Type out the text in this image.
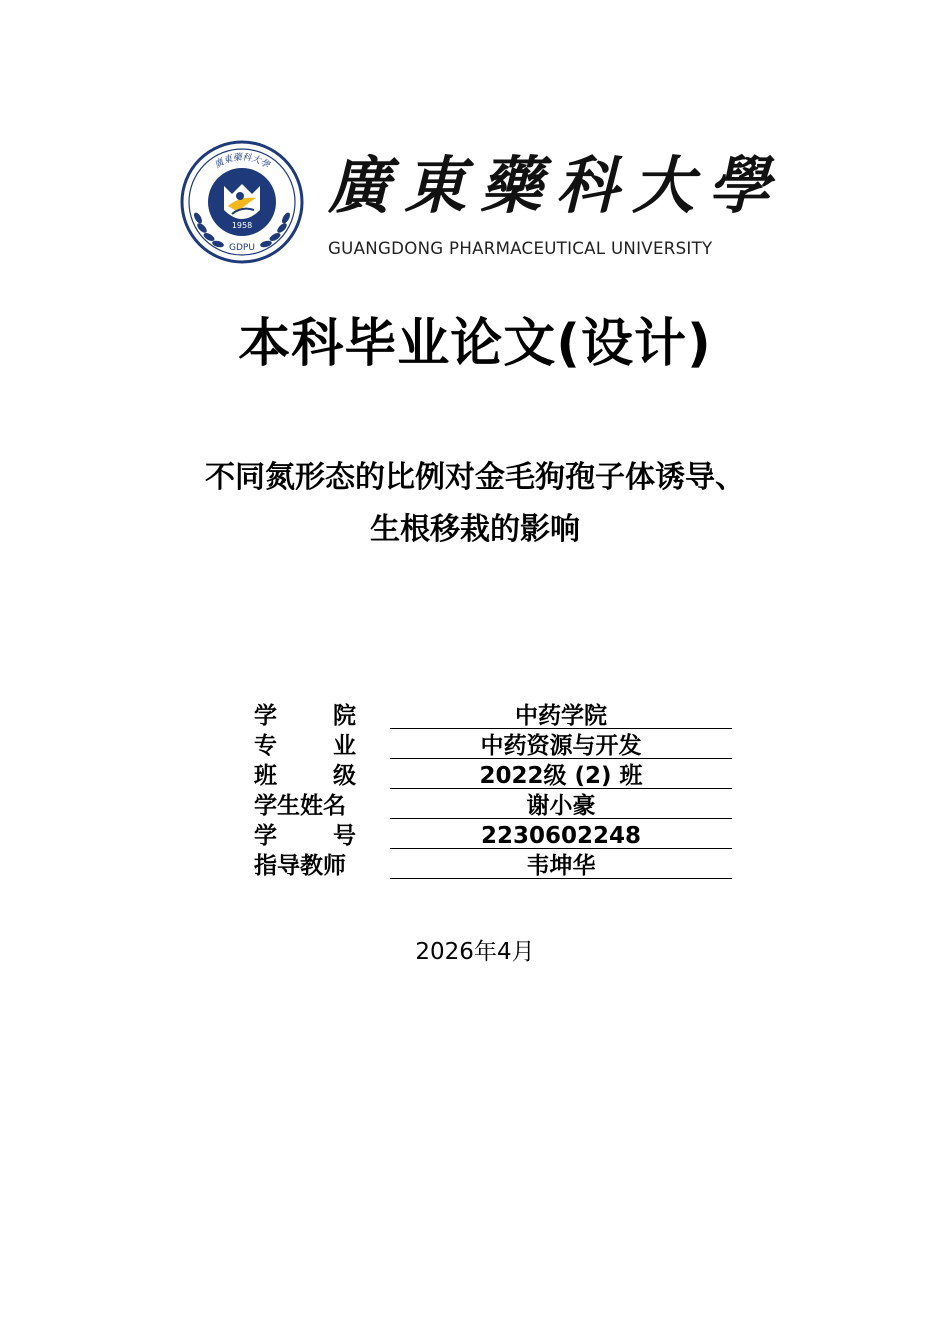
廣東藥科大學
1958
GDPU
廣東藥科大學
GUANGDONG PHARMACEUTICAL UNIVERSITY
本科毕业论文(设计)
不同氮形态的比例对金毛狗孢子体诱导、
生根移栽的影响
学 院	中药学院
专 业	中药资源与开发
班 级	2022级 (2) 班
学生姓名	谢小豪
学 号	2230602248
指导教师	韦坤华
2026年4月
